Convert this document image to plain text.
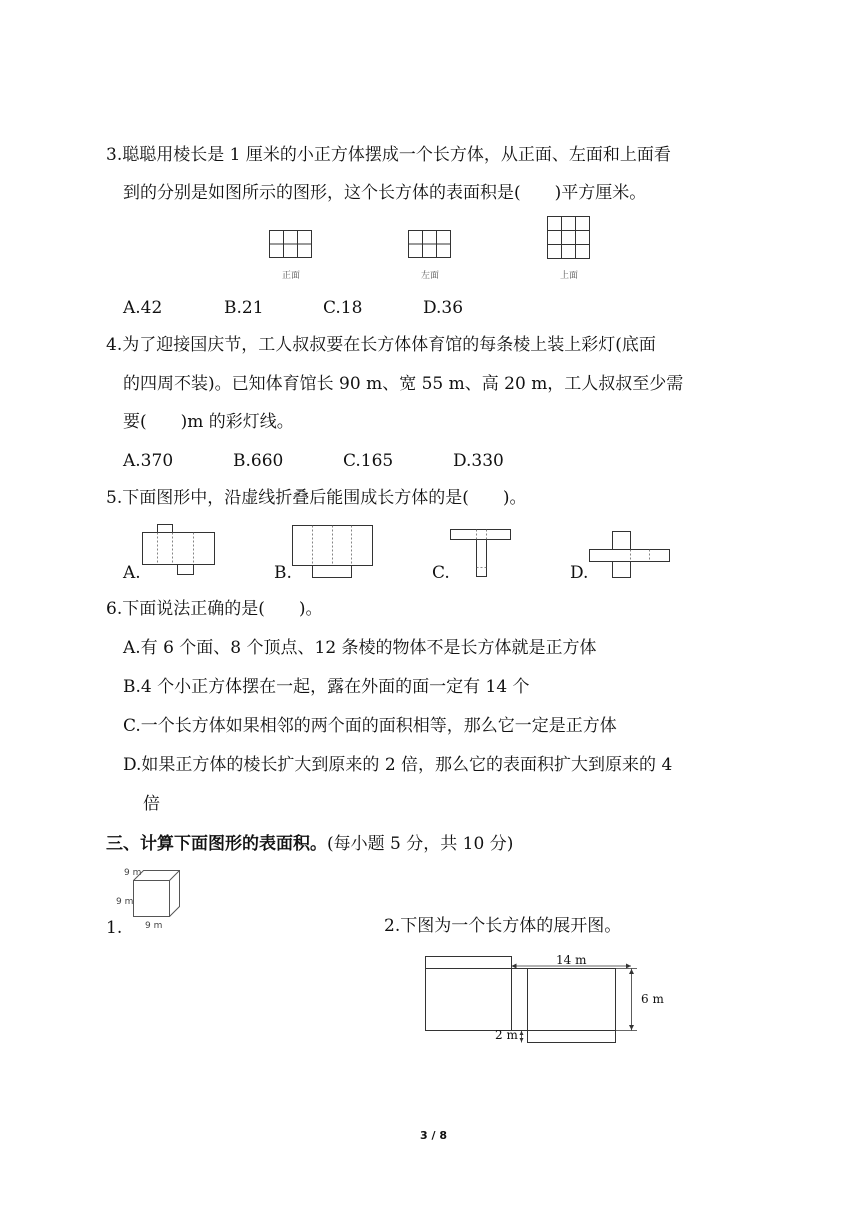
3.聪聪用棱长是 1 厘米的小正方体摆成一个长方体，从正面、左面和上面看
到的分别是如图所示的图形，这个长方体的表面积是(　　)平方厘米。
正面	左面	上面
A.42	B.21	C.18	D.36
4.为了迎接国庆节，工人叔叔要在长方体体育馆的每条棱上装上彩灯(底面
的四周不装)。已知体育馆长 90 m、宽 55 m、高 20 m，工人叔叔至少需
要(　　)m 的彩灯线。
A.370	B.660	C.165	D.330
5.下面图形中，沿虚线折叠后能围成长方体的是(　　)。
A.	B.	C.	D.
6.下面说法正确的是(　　)。
A.有 6 个面、8 个顶点、12 条棱的物体不是长方体就是正方体
B.4 个小正方体摆在一起，露在外面的面一定有 14 个
C.一个长方体如果相邻的两个面的面积相等，那么它一定是正方体
D.如果正方体的棱长扩大到原来的 2 倍，那么它的表面积扩大到原来的 4
倍
三、计算下面图形的表面积。(每小题 5 分，共 10 分)
1.
9 m
9 m
9 m	2.下图为一个长方体的展开图。
14 m
6 m
2 m
3 / 8
